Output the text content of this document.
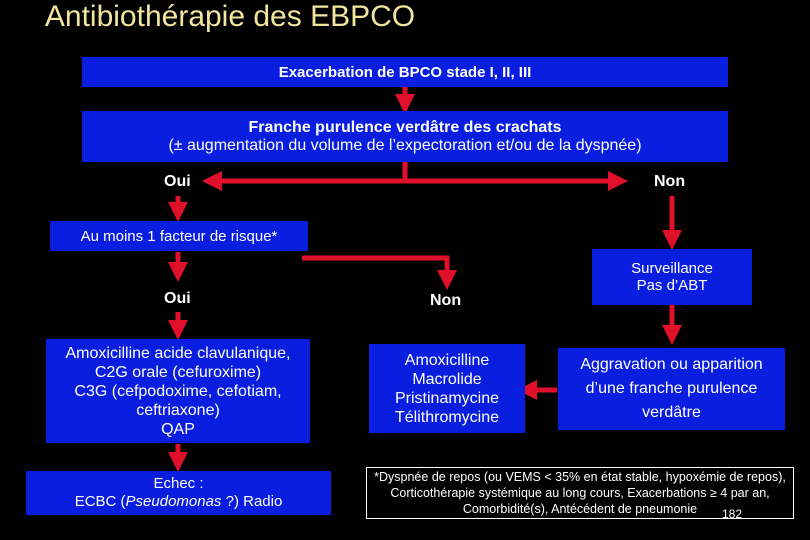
Antibiothérapie des EBPCO
Exacerbation de BPCO stade I, II, III
Franche purulence verdâtre des crachats
(± augmentation du volume de l’expectoration et/ou de la dyspnée)
Oui	Non
Au moins 1 facteur de risque*
Surveillance
Pas d’ABT
Oui	Non
Amoxicilline acide clavulanique,
C2G orale (cefuroxime)
C3G (cefpodoxime, cefotiam,
ceftriaxone)
QAP
Amoxicilline
Macrolide
Pristinamycine
Télithromycine
Aggravation ou apparition
d’une franche purulence
verdâtre
Echec :
ECBC (Pseudomonas ?) Radio
*Dyspnée de repos (ou VEMS < 35% en état stable, hypoxémie de repos), Corticothérapie systémique au long cours, Exacerbations ≥ 4 par an, Comorbidité(s), Antécédent de pneumonie	182
